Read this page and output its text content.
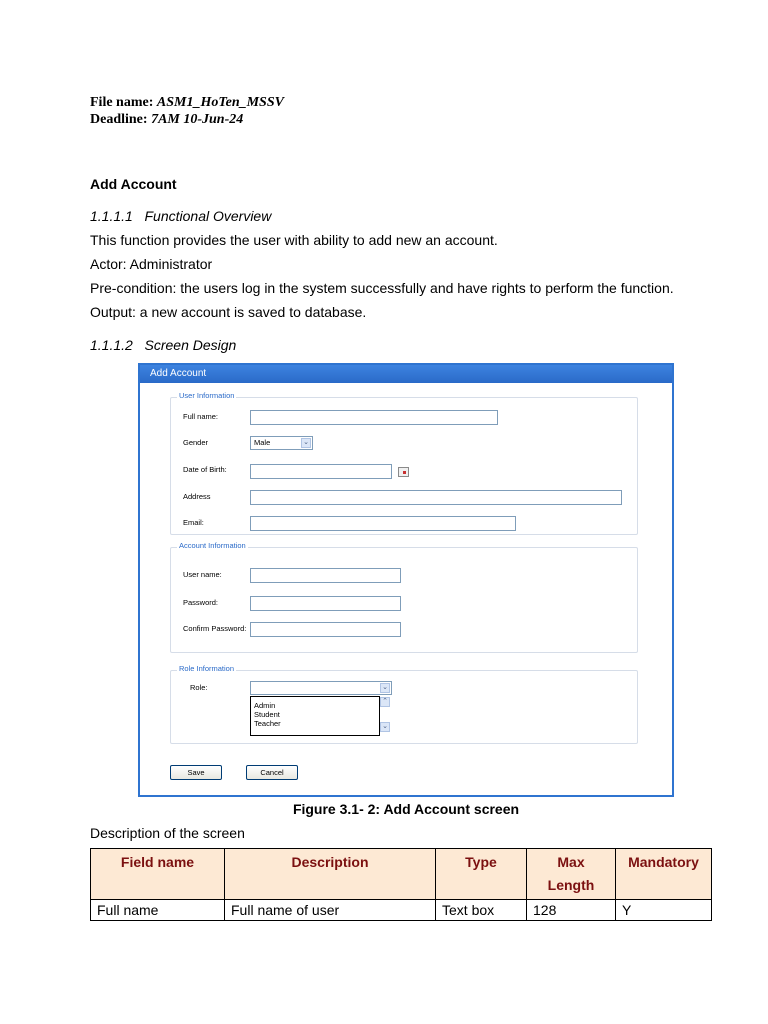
File name: ASM1_HoTen_MSSV
Deadline: 7AM 10-Jun-24
Add Account
1.1.1.1 Functional Overview
This function provides the user with ability to add new an account.
Actor: Administrator
Pre-condition: the users log in the system successfully and have rights to perform the function.
Output: a new account is saved to database.
1.1.1.2 Screen Design
Add Account
User Information
Full name:
Gender	Male	⌄
Date of Birth:
Address
Email:
Account Information
User name:
Password:
Confirm Password:
Role Information
Role:	⌄
Admin
Student
Teacher
⌃
⌄
Save	Cancel
Figure 3.1- 2: Add Account screen
Description of the screen
Field name	Description	Type	Max Length	Mandatory
Full name	Full name of user	Text box	128	Y
